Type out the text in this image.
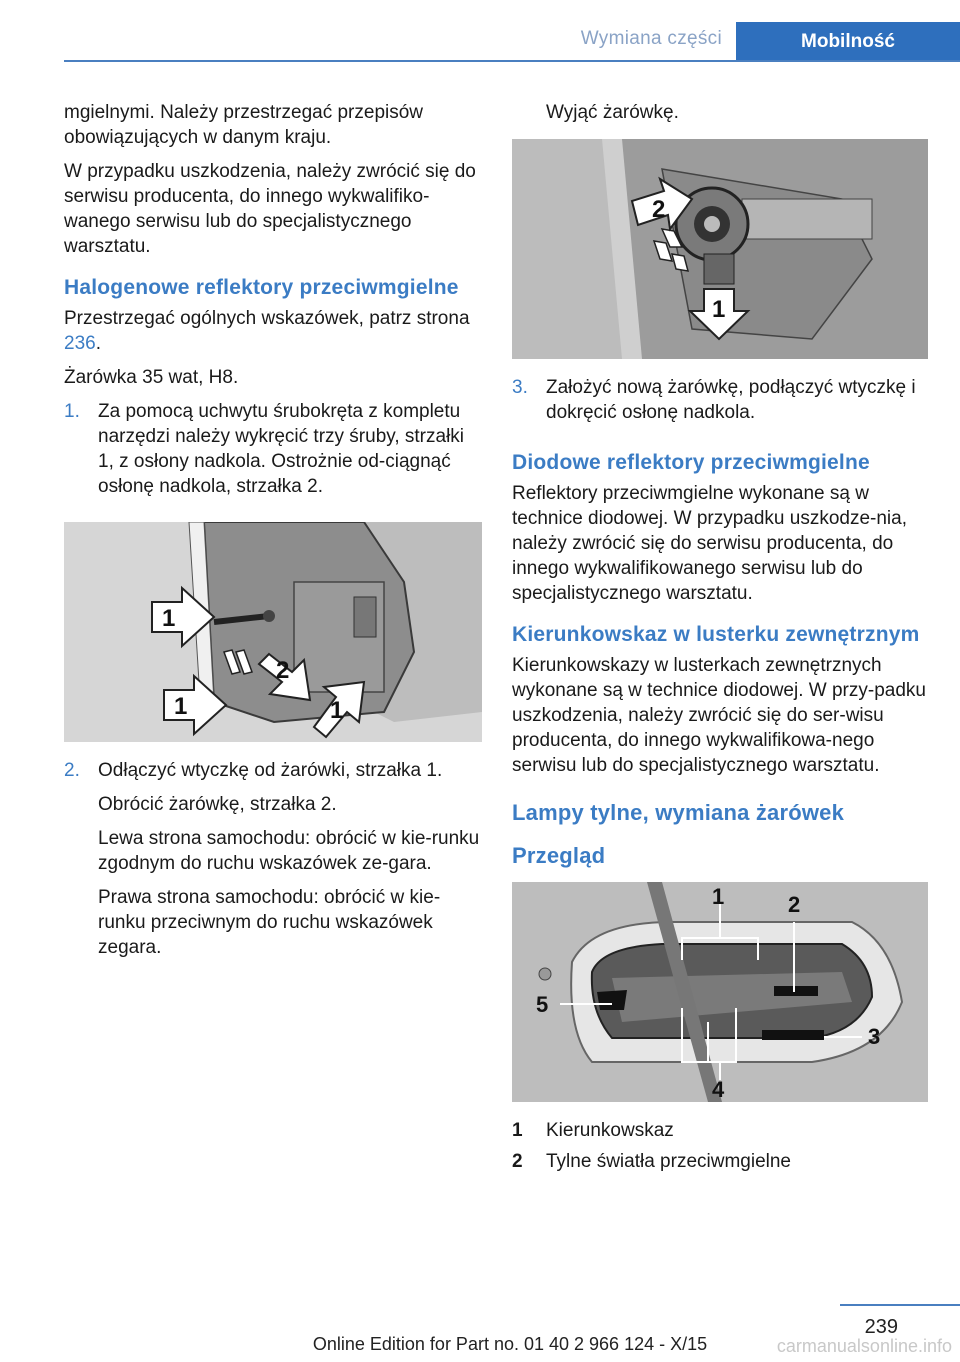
Wymiana części	Mobilność

mgielnymi. Należy przestrzegać przepisów obowiązujących w danym kraju.

W przypadku uszkodzenia, należy zwrócić się do serwisu producenta, do innego wykwalifiko‐wanego serwisu lub do specjalistycznego warsztatu.

Halogenowe reflektory przeciwmgielne

Przestrzegać ogólnych wskazówek, patrz strona 236.

Żarówka 35 wat, H8.

1. Za pomocą uchwytu śrubokręta z kompletu narzędzi należy wykręcić trzy śruby, strzałki 1, z osłony nadkola. Ostrożnie od‐ciągnąć osłonę nadkola, strzałka 2.

1
2
1	1
2. Odłączyć wtyczkę od żarówki, strzałka 1.

Obrócić żarówkę, strzałka 2.

Lewa strona samochodu: obrócić w kie‐runku zgodnym do ruchu wskazówek ze‐gara.

Prawa strona samochodu: obrócić w kie‐runku przeciwnym do ruchu wskazówek zegara.

Wyjąć żarówkę.

2
1
3. Założyć nową żarówkę, podłączyć wtyczkę i dokręcić osłonę nadkola.

Diodowe reflektory przeciwmgielne

Reflektory przeciwmgielne wykonane są w technice diodowej. W przypadku uszkodze‐nia, należy zwrócić się do serwisu producenta, do innego wykwalifikowanego serwisu lub do specjalistycznego warsztatu.

Kierunkowskaz w lusterku zewnętrznym

Kierunkowskazy w lusterkach zewnętrznych wykonane są w technice diodowej. W przy‐padku uszkodzenia, należy zwrócić się do ser‐wisu producenta, do innego wykwalifikowa‐nego serwisu lub do specjalistycznego warsztatu.

Lampy tylne, wymiana żarówek
Przegląd
1	2
3
4
5
1	Kierunkowskaz
2	Tylne światła przeciwmgielne
239
Online Edition for Part no. 01 40 2 966 124 - X/15	carmanualsonline.info
